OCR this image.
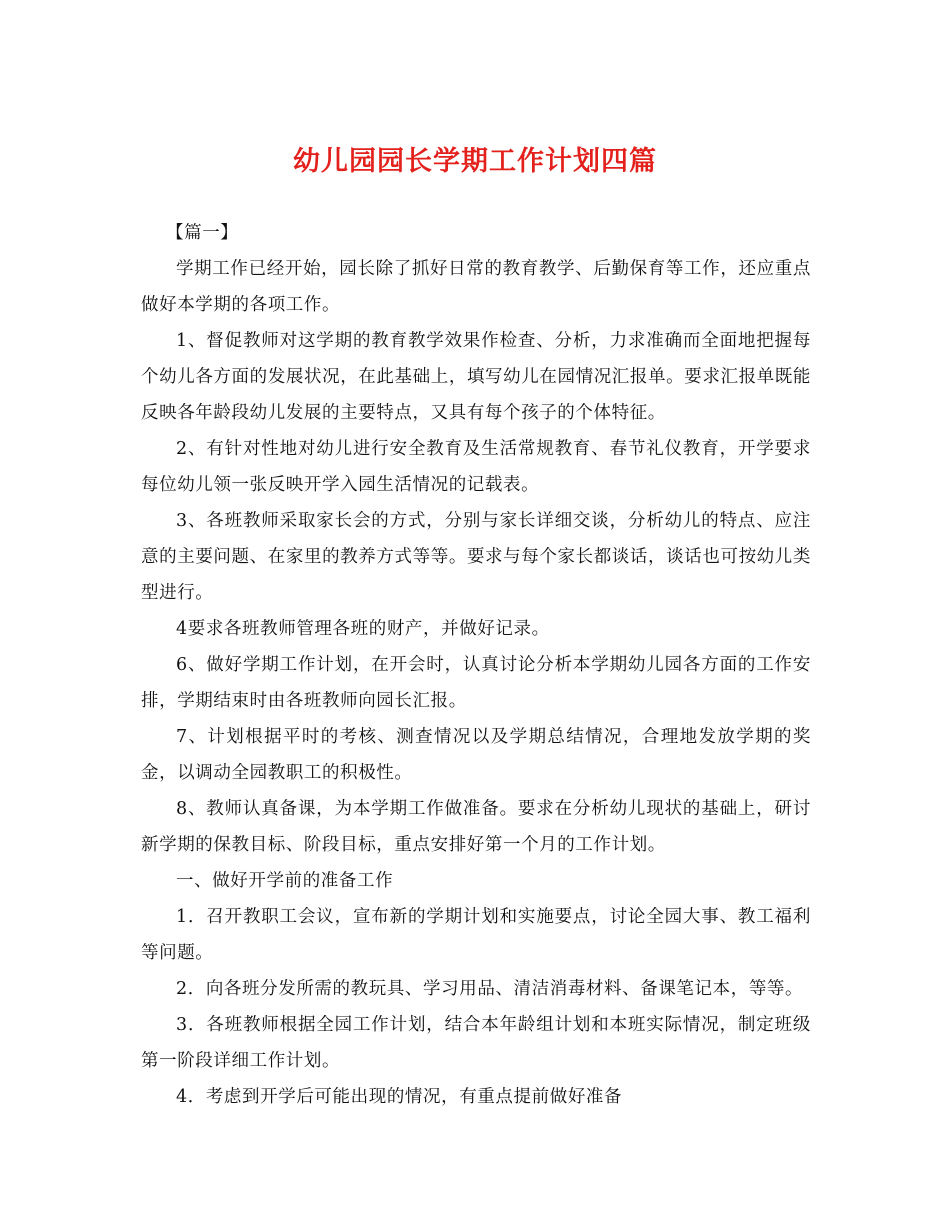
幼儿园园长学期工作计划四篇

【篇一】

学期工作已经开始，园长除了抓好日常的教育教学、后勤保育等工作，还应重点做好本学期的各项工作。

1、督促教师对这学期的教育教学效果作检查、分析，力求准确而全面地把握每个幼儿各方面的发展状况，在此基础上，填写幼儿在园情况汇报单。要求汇报单既能反映各年龄段幼儿发展的主要特点，又具有每个孩子的个体特征。

2、有针对性地对幼儿进行安全教育及生活常规教育、春节礼仪教育，开学要求每位幼儿领一张反映开学入园生活情况的记载表。

3、各班教师采取家长会的方式，分别与家长详细交谈，分析幼儿的特点、应注意的主要问题、在家里的教养方式等等。要求与每个家长都谈话，谈话也可按幼儿类型进行。

4要求各班教师管理各班的财产，并做好记录。

6、做好学期工作计划，在开会时，认真讨论分析本学期幼儿园各方面的工作安排，学期结束时由各班教师向园长汇报。

7、计划根据平时的考核、测查情况以及学期总结情况，合理地发放学期的奖金，以调动全园教职工的积极性。

8、教师认真备课，为本学期工作做准备。要求在分析幼儿现状的基础上，研讨新学期的保教目标、阶段目标，重点安排好第一个月的工作计划。

一、做好开学前的准备工作

1．召开教职工会议，宣布新的学期计划和实施要点，讨论全园大事、教工福利等问题。

2．向各班分发所需的教玩具、学习用品、清洁消毒材料、备课笔记本，等等。

3．各班教师根据全园工作计划，结合本年龄组计划和本班实际情况，制定班级第一阶段详细工作计划。

4．考虑到开学后可能出现的情况，有重点提前做好准备
